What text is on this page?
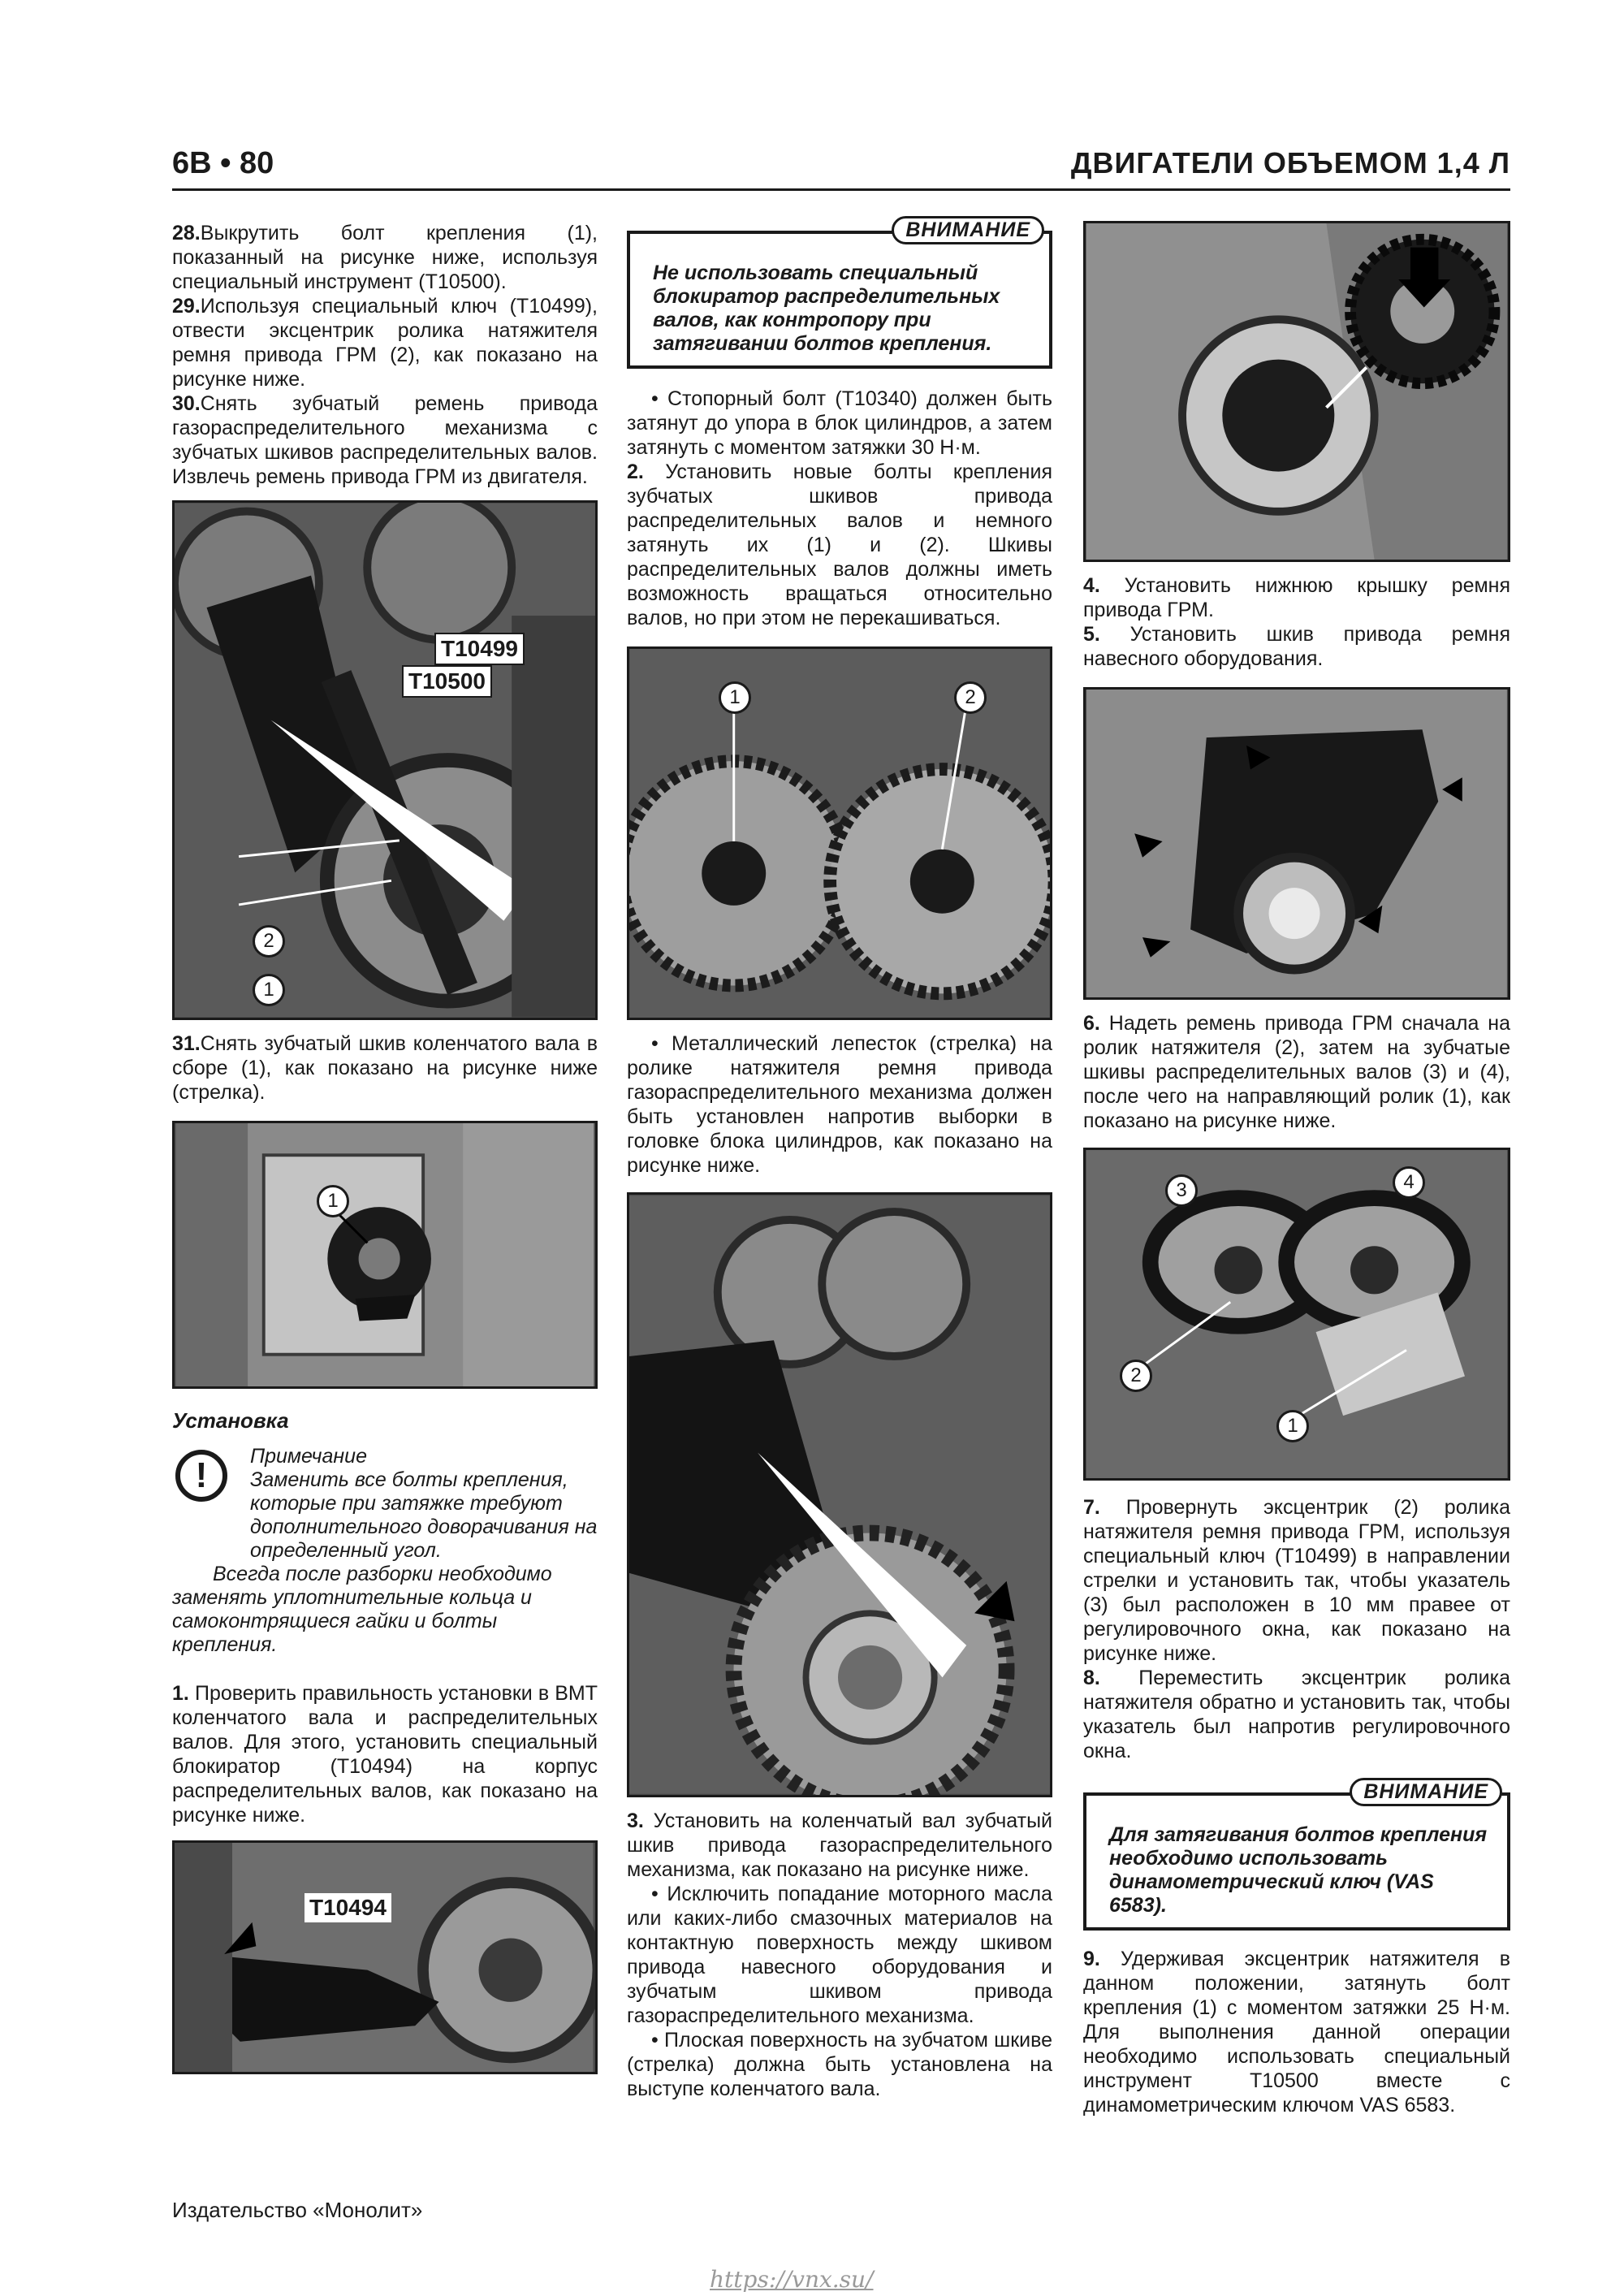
6B • 80	ДВИГАТЕЛИ ОБЪЕМОМ 1,4 Л

28.Выкрутить болт крепления (1), показанный на рисунке ниже, используя специальный инструмент (T10500).

29.Используя специальный ключ (T10499), отвести эксцентрик ролика натяжителя ремня привода ГРМ (2), как показано на рисунке ниже.

30.Снять зубчатый ремень привода газораспределительного механизма с зубчатых шкивов распределительных валов. Извлечь ремень привода ГРМ из двигателя.

T10499
T10500
2
1

31.Снять зубчатый шкив коленчатого вала в сборе (1), как показано на рисунке ниже (стрелка).

1

Установка

!	Примечание

Заменить все болты крепления, которые при затяжке требуют дополнительного доворачивания на определенный угол.

Всегда после разборки необходимо заменять уплотнительные кольца и самоконтрящиеся гайки и болты крепления.

1. Проверить правильность установки в ВМТ коленчатого вала и распределительных валов. Для этого, установить специальный блокиратор (T10494) на корпус распределительных валов, как показано на рисунке ниже.

T10494
ВНИМАНИЕ
Не использовать специальный блокиратор распределительных валов, как контропору при затягивании болтов крепления.

• Стопорный болт (T10340) должен быть затянут до упора в блок цилиндров, а затем затянуть с моментом затяжки 30 Н·м.

2. Установить новые болты крепления зубчатых шкивов привода распределительных валов и немного затянуть их (1) и (2). Шкивы распределительных валов должны иметь возможность вращаться относительно валов, но при этом не перекашиваться.

1	2

• Металлический лепесток (стрелка) на ролике натяжителя ремня привода газораспределительного механизма должен быть установлен напротив выборки в головке блока цилиндров, как показано на рисунке ниже.

3. Установить на коленчатый вал зубчатый шкив привода газораспределительного механизма, как показано на рисунке ниже.

• Исключить попадание моторного масла или каких-либо смазочных материалов на контактную поверхность между шкивом привода навесного оборудования и зубчатым шкивом привода газораспределительного механизма.

• Плоская поверхность на зубчатом шкиве (стрелка) должна быть установлена на выступе коленчатого вала.

4. Установить нижнюю крышку ремня привода ГРМ.

5. Установить шкив привода ремня навесного оборудования.

6. Надеть ремень привода ГРМ сначала на ролик натяжителя (2), затем на зубчатые шкивы распределительных валов (3) и (4), после чего на направляющий ролик (1), как показано на рисунке ниже.

3	4
2
1

7. Провернуть эксцентрик (2) ролика натяжителя ремня привода ГРМ, используя специальный ключ (T10499) в направлении стрелки и установить так, чтобы указатель (3) был расположен в 10 мм правее от регулировочного окна, как показано на рисунке ниже.

8. Переместить эксцентрик ролика натяжителя обратно и установить так, чтобы указатель был напротив регулировочного окна.

ВНИМАНИЕ
Для затягивания болтов крепления необходимо использовать динамометрический ключ (VAS 6583).

9. Удерживая эксцентрик натяжителя в данном положении, затянуть болт крепления (1) с моментом затяжки 25 Н·м. Для выполнения данной операции необходимо использовать специальный инструмент T10500 вместе с динамометрическим ключом VAS 6583.

Издательство «Монолит»
https://vnx.su/
